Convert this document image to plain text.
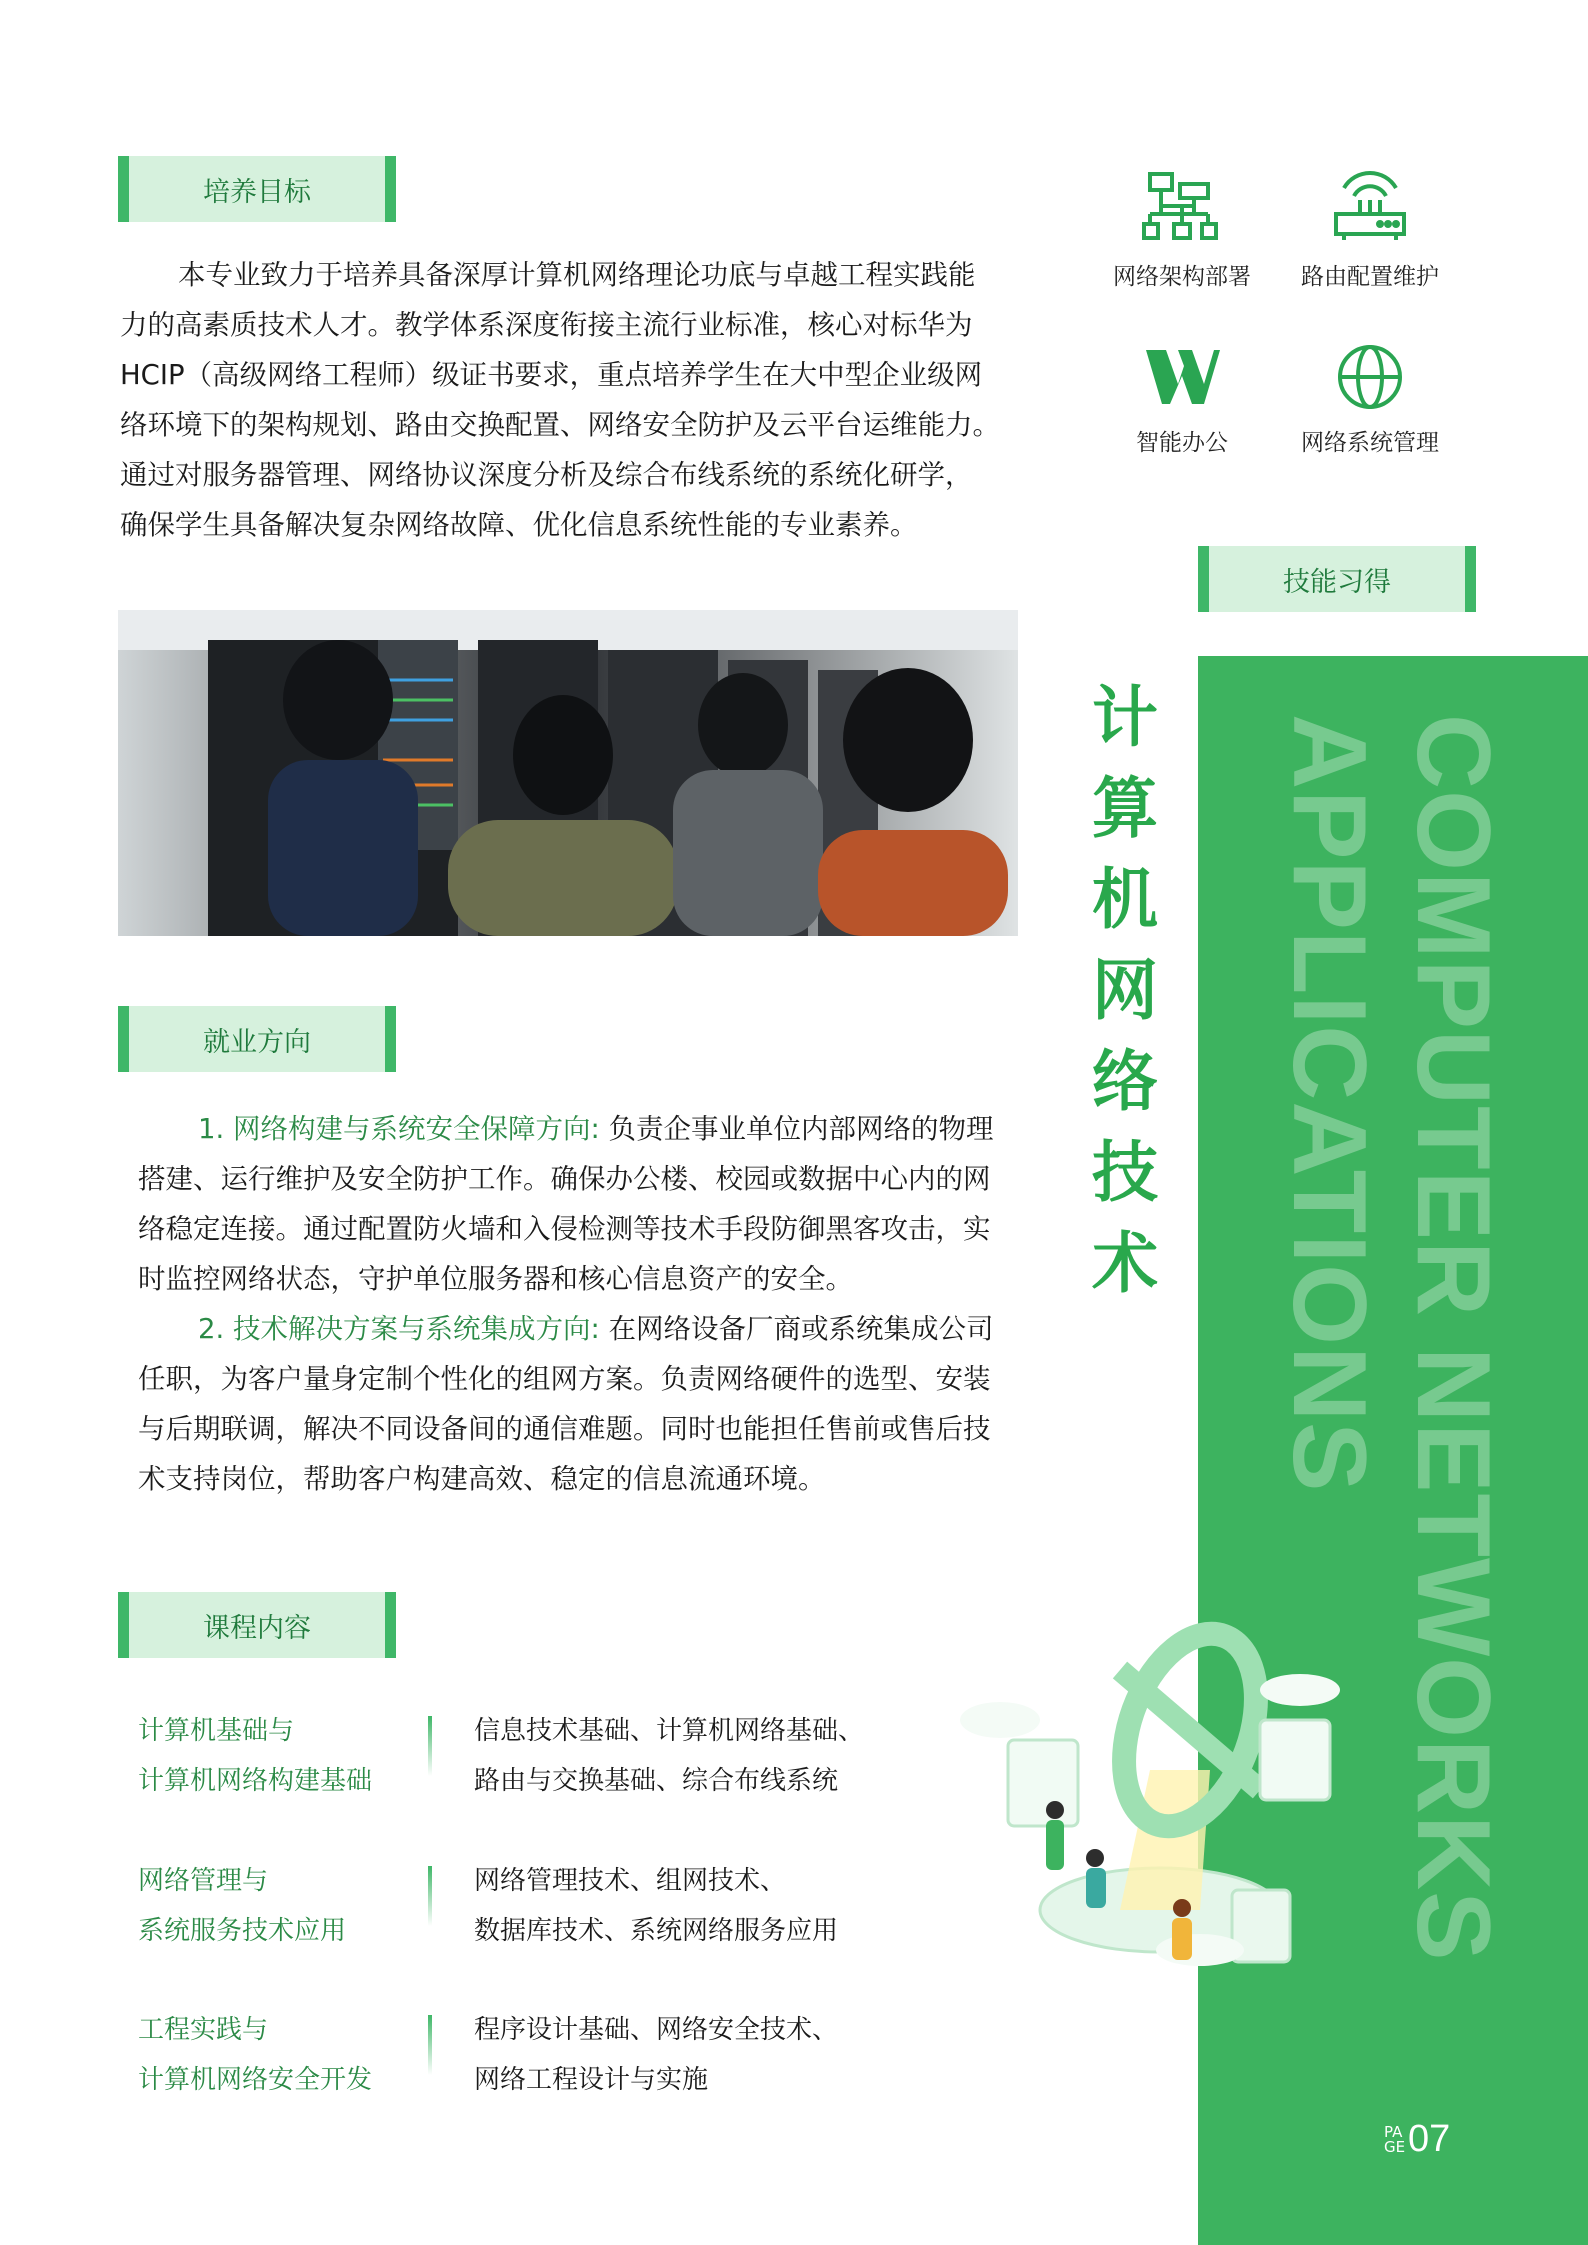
培养目标
本专业致力于培养具备深厚计算机网络理论功底与卓越工程实践能
力的高素质技术人才。教学体系深度衔接主流行业标准，核心对标华为
HCIP（高级网络工程师）级证书要求，重点培养学生在大中型企业级网
络环境下的架构规划、路由交换配置、网络安全防护及云平台运维能力。
通过对服务器管理、网络协议深度分析及综合布线系统的系统化研学，
确保学生具备解决复杂网络故障、优化信息系统性能的专业素养。
就业方向
1. 网络构建与系统安全保障方向: 负责企事业单位内部网络的物理
搭建、运行维护及安全防护工作。确保办公楼、校园或数据中心内的网
络稳定连接。通过配置防火墙和入侵检测等技术手段防御黑客攻击，实
时监控网络状态，守护单位服务器和核心信息资产的安全。
2. 技术解决方案与系统集成方向: 在网络设备厂商或系统集成公司
任职，为客户量身定制个性化的组网方案。负责网络硬件的选型、安装
与后期联调，解决不同设备间的通信难题。同时也能担任售前或售后技
术支持岗位，帮助客户构建高效、稳定的信息流通环境。
课程内容
计算机基础与
计算机网络构建基础
信息技术基础、计算机网络基础、
路由与交换基础、综合布线系统
网络管理与
系统服务技术应用
网络管理技术、组网技术、
数据库技术、系统网络服务应用
工程实践与
计算机网络安全开发
程序设计基础、网络安全技术、
网络工程设计与实施
网络架构部署	路由配置维护
智能办公	网络系统管理
技能习得
COMPUTER NETWORKS
APPLICATIONS
计
算
机
网
络
技
术
PAGE 07
